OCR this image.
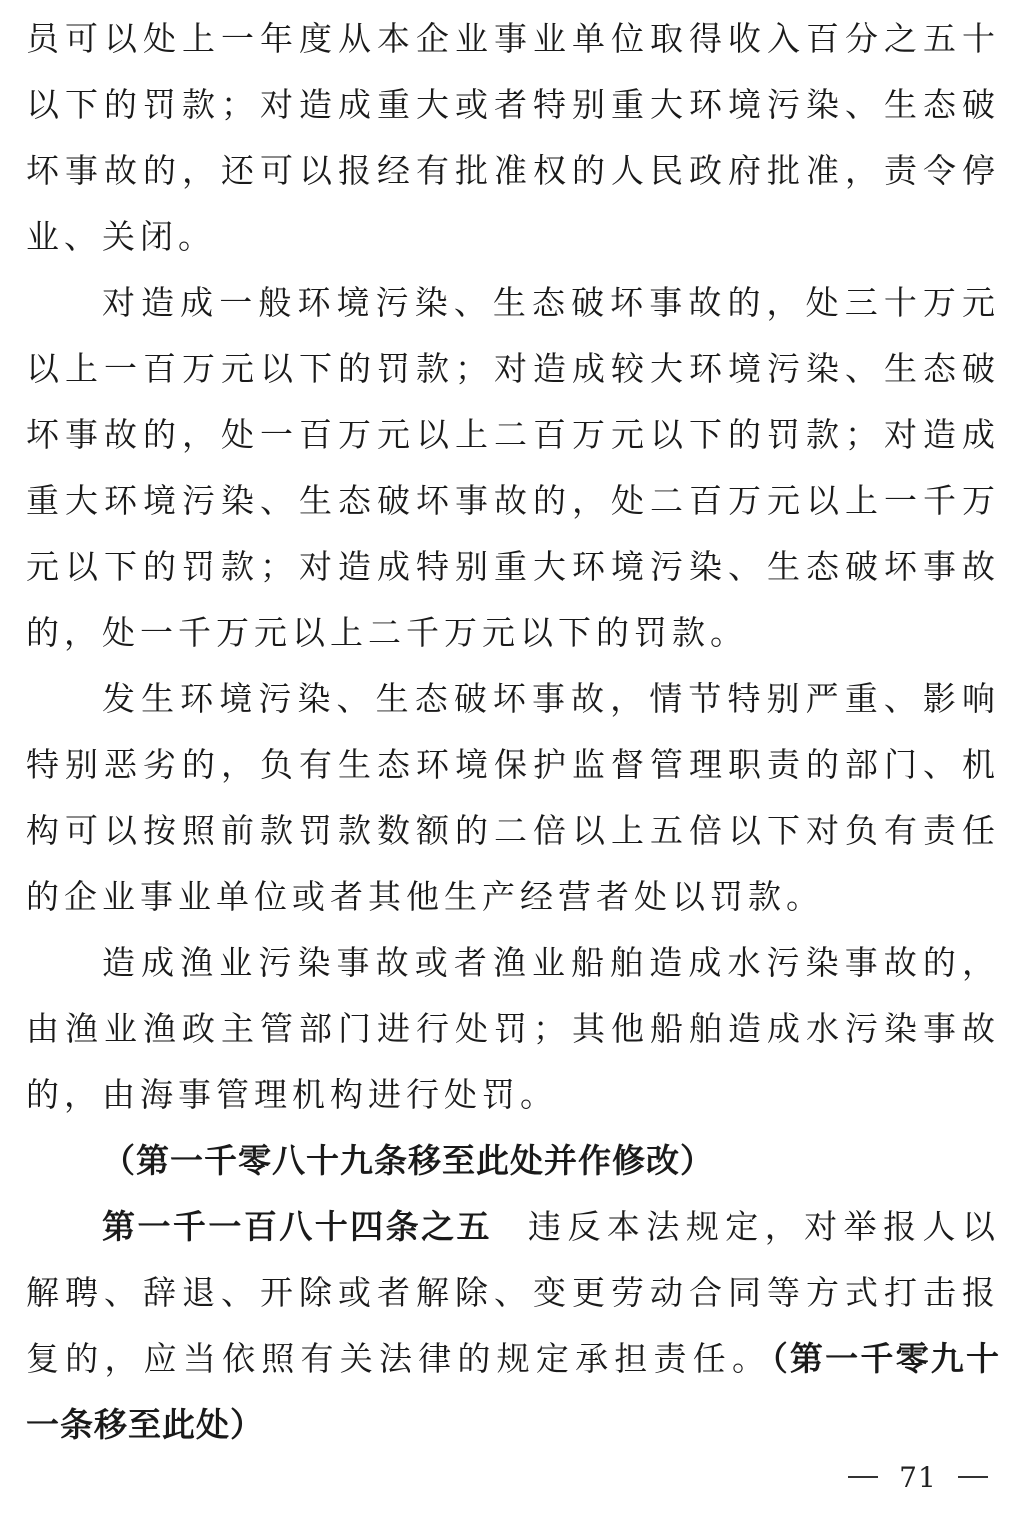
员可以处上一年度从本企业事业单位取得收入百分之五十以下的罚款；对造成重大或者特别重大环境污染、生态破坏事故的，还可以报经有批准权的人民政府批准，责令停业、关闭。

对造成一般环境污染、生态破坏事故的，处三十万元以上一百万元以下的罚款；对造成较大环境污染、生态破坏事故的，处一百万元以上二百万元以下的罚款；对造成重大环境污染、生态破坏事故的，处二百万元以上一千万元以下的罚款；对造成特别重大环境污染、生态破坏事故的，处一千万元以上二千万元以下的罚款。

发生环境污染、生态破坏事故，情节特别严重、影响特别恶劣的，负有生态环境保护监督管理职责的部门、机构可以按照前款罚款数额的二倍以上五倍以下对负有责任的企业事业单位或者其他生产经营者处以罚款。

造成渔业污染事故或者渔业船舶造成水污染事故的，由渔业渔政主管部门进行处罚；其他船舶造成水污染事故的，由海事管理机构进行处罚。

（第一千零八十九条移至此处并作修改）

第一千一百八十四条之五 违反本法规定，对举报人以解聘、辞退、开除或者解除、变更劳动合同等方式打击报复的，应当依照有关法律的规定承担责任。（第一千零九十一条移至此处）

71
